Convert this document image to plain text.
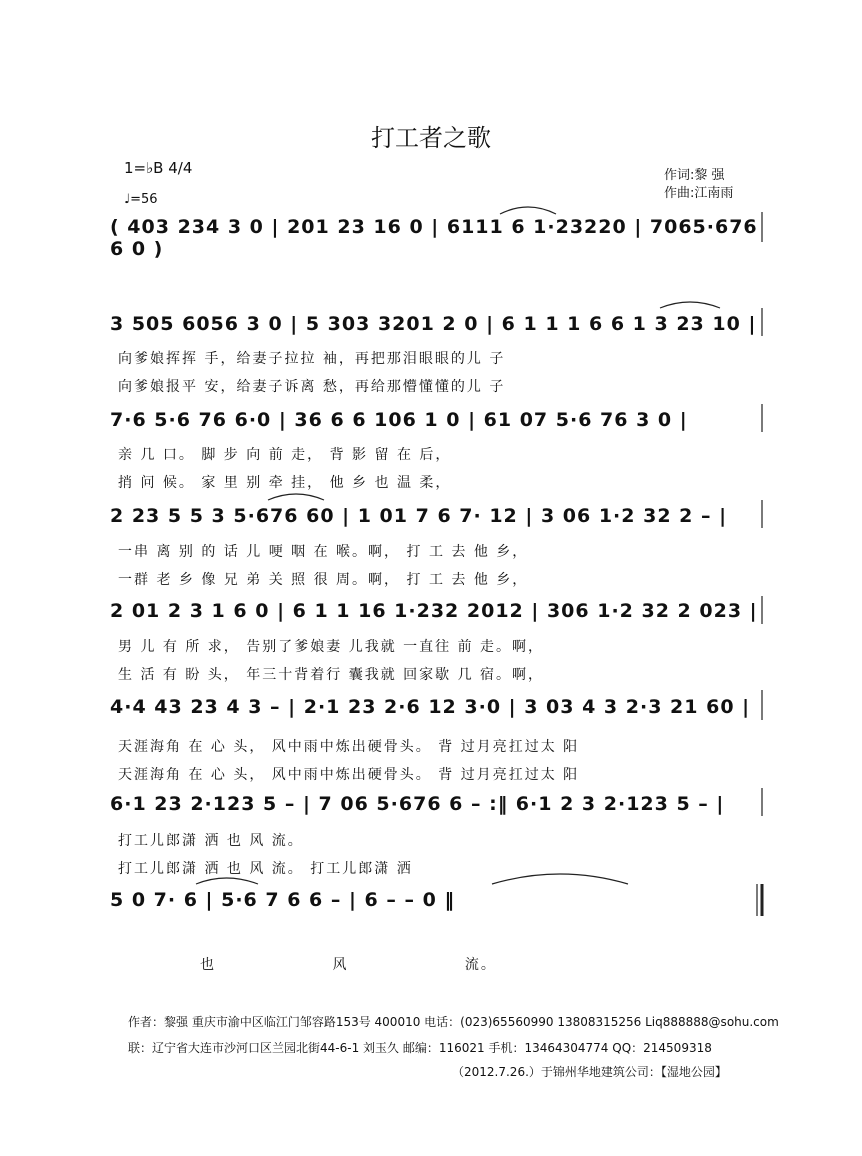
打工者之歌
1=♭B 4/4
♩=56
作词:黎 强
作曲:江南雨
( 403 234 3 0 | 201 23 16 0 | 6111 6 1·23220 | 7065·676 6 0 )
3 505 6056 3 0 | 5 303 3201 2 0 | 6 1 1 1 6 6 1 3 23 10 |
向爹娘挥挥 手，给妻子拉拉 袖，再把那泪眼眼的儿 子
向爹娘报平 安，给妻子诉离 愁，再给那懵懂懂的儿 子
7·6 5·6 76 6·0 | 36 6 6 106 1 0 | 61 07 5·6 76 3 0 |
亲 几 口。 脚 步 向 前 走， 背 影 留 在 后，
捎 问 候。 家 里 别 牵 挂， 他 乡 也 温 柔，
2 23 5 5 3 5·676 60 | 1 01 7 6 7· 12 | 3 06 1·2 32 2 – |
一串 离 别 的 话 儿 哽 咽 在 喉。啊， 打 工 去 他 乡，
一群 老 乡 像 兄 弟 关 照 很 周。啊， 打 工 去 他 乡，
2 01 2 3 1 6 0 | 6 1 1 16 1·232 2012 | 306 1·2 32 2 023 |
男 儿 有 所 求， 告别了爹娘妻 儿我就 一直往 前 走。啊，
生 活 有 盼 头， 年三十背着行 囊我就 回家歇 几 宿。啊，
4·4 43 23 4 3 – | 2·1 23 2·6 12 3·0 | 3 03 4 3 2·3 21 60 |
天涯海角 在 心 头， 风中雨中炼出硬骨头。 背 过月亮扛过太 阳
天涯海角 在 心 头， 风中雨中炼出硬骨头。 背 过月亮扛过太 阳
6·1 23 2·123 5 – | 7 06 5·676 6 – :‖ 6·1 2 3 2·123 5 – |
打工儿郎潇 洒 也 风 流。
打工儿郎潇 洒 也 风 流。 打工儿郎潇 洒
5 0 7· 6 | 5·6 7 6 6 – | 6 – – 0 ‖
也 风 流。
作者：黎强 重庆市渝中区临江门邹容路153号 400010 电话：(023)65560990 13808315256 Liq888888@sohu.com
联：辽宁省大连市沙河口区兰园北街44-6-1 刘玉久 邮编：116021 手机：13464304774 QQ：214509318
（2012.7.26.）于锦州华地建筑公司：【湿地公园】
